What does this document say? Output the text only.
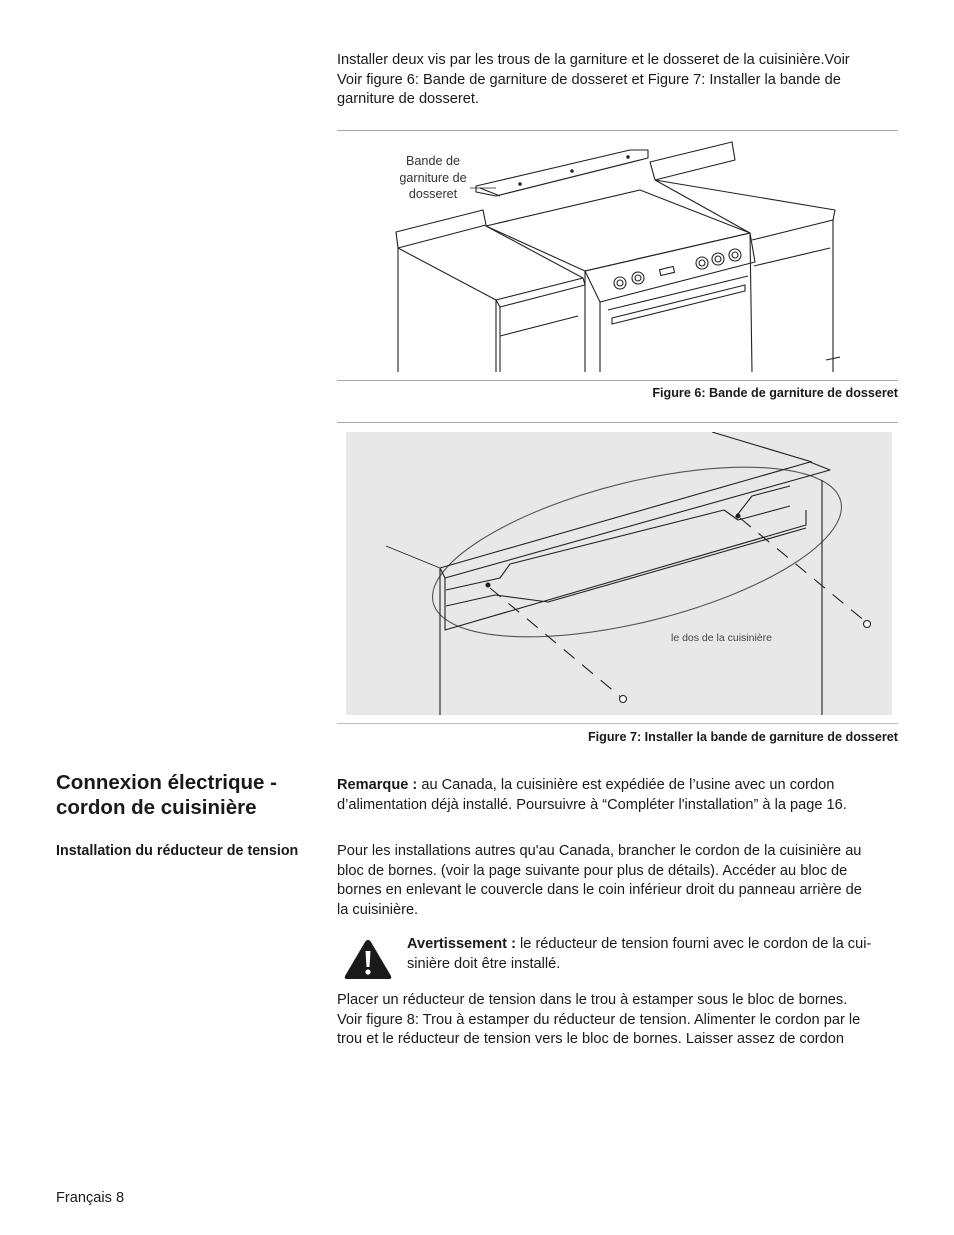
Installer deux vis par les trous de la garniture et le dosseret de la cuisinière.Voir
Voir figure 6: Bande de garniture de dosseret et Figure 7: Installer la bande de
garniture de dosseret.
Bande de garniture de dosseret
Figure 6: Bande de garniture de dosseret
le dos de la cuisinière
Figure 7: Installer la bande de garniture de dosseret
Connexion électrique - cordon de cuisinière
Installation du réducteur de tension
Remarque : au Canada, la cuisinière est expédiée de l’usine avec un cordon
d’alimentation déjà installé. Poursuivre à “Compléter l'installation” à la page 16.
Pour les installations autres qu'au Canada, brancher le cordon de la cuisinière au
bloc de bornes. (voir la page suivante pour plus de détails). Accéder au bloc de
bornes en enlevant le couvercle dans le coin inférieur droit du panneau arrière de
la cuisinière.
Avertissement : le réducteur de tension fourni avec le cordon de la cui-
sinière doit être installé.
Placer un réducteur de tension dans le trou à estamper sous le bloc de bornes.
Voir figure 8: Trou à estamper du réducteur de tension. Alimenter le cordon par le
trou et le réducteur de tension vers le bloc de bornes. Laisser assez de cordon
Français 8
